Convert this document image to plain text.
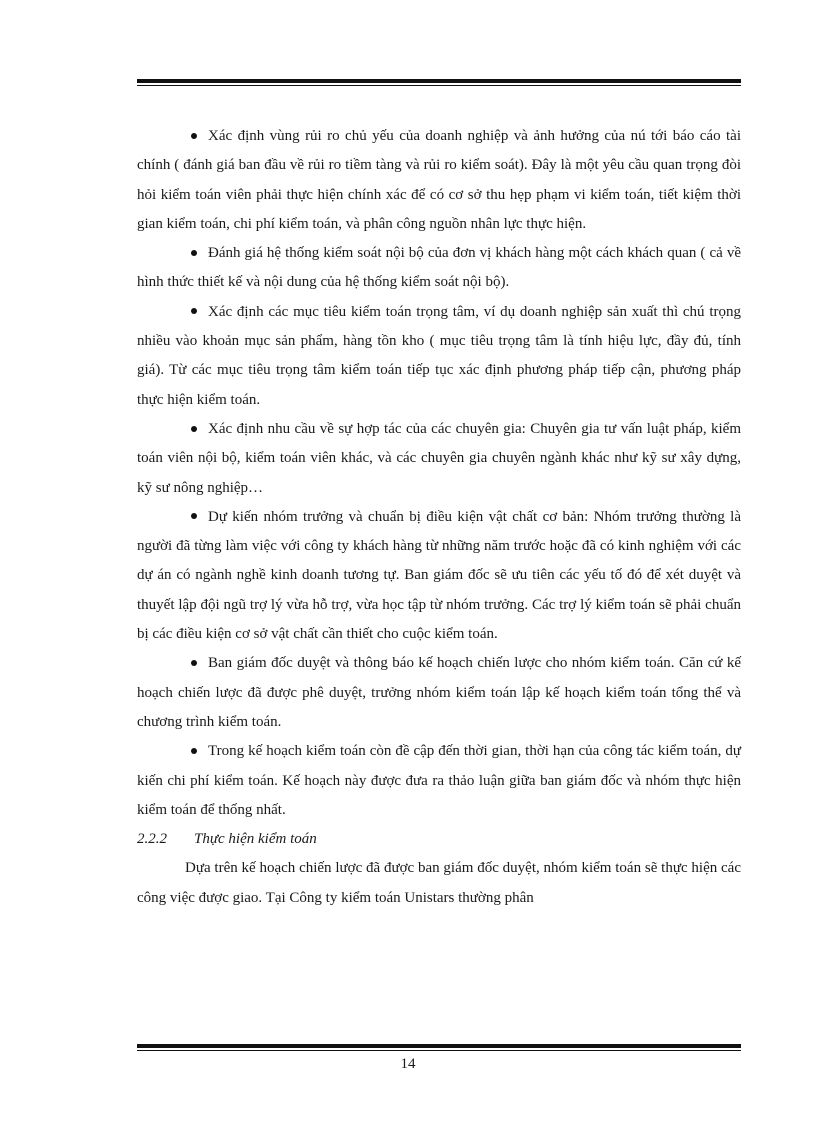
Xác định vùng rủi ro chủ yếu của doanh nghiệp và ảnh hưởng của nú tới báo cáo tài chính ( đánh giá ban đầu về rủi ro tiềm tàng và rủi ro kiểm soát). Đây là một yêu cầu quan trọng đòi hỏi kiểm toán viên phải thực hiện chính xác để có cơ sở thu hẹp phạm vi kiểm toán, tiết kiệm thời gian kiểm toán, chi phí kiểm toán, và phân công nguồn nhân lực thực hiện.

Đánh giá hệ thống kiểm soát nội bộ của đơn vị khách hàng một cách khách quan ( cả về hình thức thiết kế và nội dung của hệ thống kiểm soát nội bộ).

Xác định các mục tiêu kiểm toán trọng tâm, ví dụ doanh nghiệp sản xuất thì chú trọng nhiều vào khoản mục sản phẩm, hàng tồn kho ( mục tiêu trọng tâm là tính hiệu lực, đầy đủ, tính giá). Từ các mục tiêu trọng tâm kiểm toán tiếp tục xác định phương pháp tiếp cận, phương pháp thực hiện kiểm toán.

Xác định nhu cầu về sự hợp tác của các chuyên gia: Chuyên gia tư vấn luật pháp, kiểm toán viên nội bộ, kiểm toán viên khác, và các chuyên gia chuyên ngành khác như kỹ sư xây dựng, kỹ sư nông nghiệp…

Dự kiến nhóm trưởng và chuẩn bị điều kiện vật chất cơ bản: Nhóm trưởng thường là người đã từng làm việc với công ty khách hàng từ những năm trước hoặc đã có kinh nghiệm với các dự án có ngành nghề kinh doanh tương tự. Ban giám đốc sẽ ưu tiên các yếu tố đó để xét duyệt và thuyết lập đội ngũ trợ lý vừa hỗ trợ, vừa học tập từ nhóm trưởng. Các trợ lý kiểm toán sẽ phải chuẩn bị các điều kiện cơ sở vật chất cần thiết cho cuộc kiểm toán.

Ban giám đốc duyệt và thông báo kế hoạch chiến lược cho nhóm kiểm toán. Căn cứ kế hoạch chiến lược đã được phê duyệt, trưởng nhóm kiểm toán lập kế hoạch kiểm toán tổng thể và chương trình kiểm toán.

Trong kế hoạch kiểm toán còn đề cập đến thời gian, thời hạn của công tác kiểm toán, dự kiến chi phí kiểm toán. Kế hoạch này được đưa ra thảo luận giữa ban giám đốc và nhóm thực hiện kiểm toán để thống nhất.

2.2.2 Thực hiện kiểm toán

Dựa trên kế hoạch chiến lược đã được ban giám đốc duyệt, nhóm kiểm toán sẽ thực hiện các công việc được giao. Tại Công ty kiểm toán Unistars thường phân

14
